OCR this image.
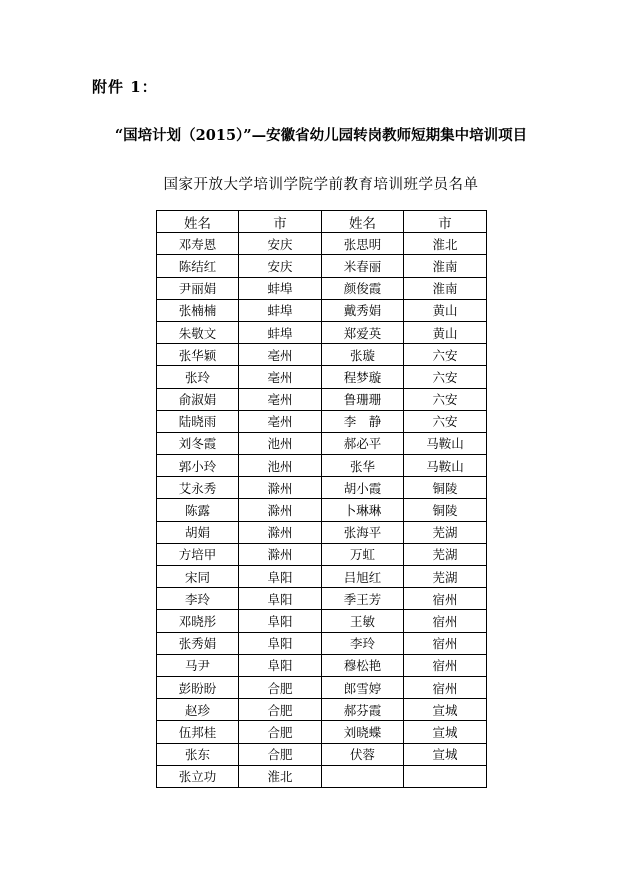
附件 1：
“国培计划（2015）”—安徽省幼儿园转岗教师短期集中培训项目
国家开放大学培训学院学前教育培训班学员名单
姓名	市	姓名	市
邓寿恩	安庆	张思明	淮北
陈结红	安庆	米春丽	淮南
尹丽娟	蚌埠	颜俊霞	淮南
张楠楠	蚌埠	戴秀娟	黄山
朱敬文	蚌埠	郑爱英	黄山
张华颖	亳州	张璇	六安
张玲	亳州	程梦璇	六安
俞淑娟	亳州	鲁珊珊	六安
陆晓雨	亳州	李　静	六安
刘冬霞	池州	郝必平	马鞍山
郭小玲	池州	张华	马鞍山
艾永秀	滁州	胡小霞	铜陵
陈露	滁州	卜琳琳	铜陵
胡娟	滁州	张海平	芜湖
方培甲	滁州	万虹	芜湖
宋同	阜阳	吕旭红	芜湖
李玲	阜阳	季王芳	宿州
邓晓彤	阜阳	王敏	宿州
张秀娟	阜阳	李玲	宿州
马尹	阜阳	穆松艳	宿州
彭盼盼	合肥	郎雪婷	宿州
赵珍	合肥	郝芬霞	宣城
伍邦桂	合肥	刘晓蝶	宣城
张东	合肥	伏蓉	宣城
张立功	淮北		
